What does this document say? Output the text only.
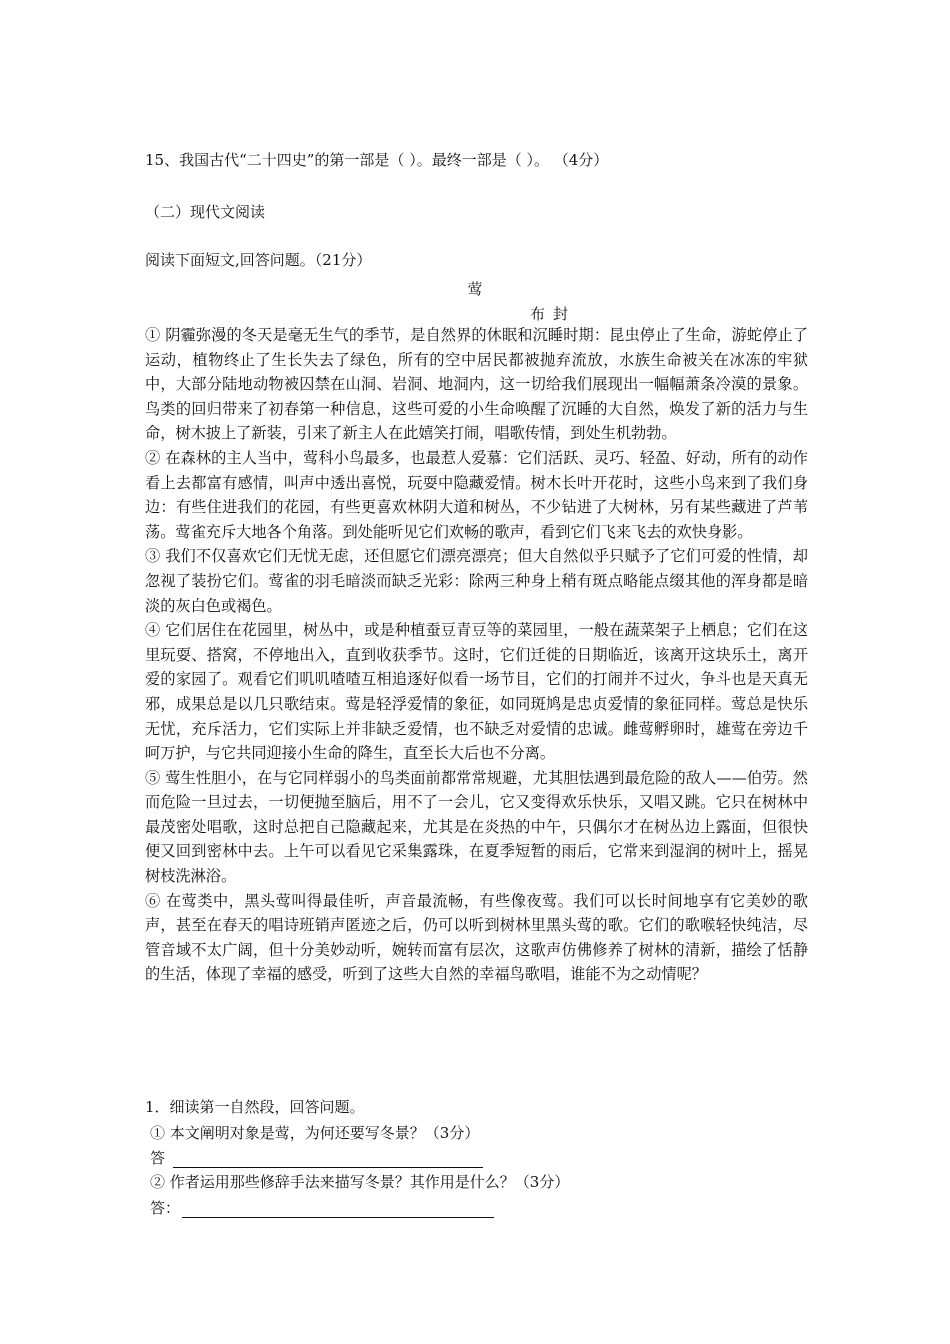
15、我国古代“二十四史”的第一部是（ ）。最终一部是（ ）。 （4分）
（二）现代文阅读
阅读下面短文,回答问题。（21分）
莺
布封

① 阴霾弥漫的冬天是毫无生气的季节，是自然界的休眠和沉睡时期：昆虫停止了生命，游蛇停止了运动，植物终止了生长失去了绿色，所有的空中居民都被抛弃流放，水族生命被关在冰冻的牢狱中，大部分陆地动物被囚禁在山洞、岩洞、地洞内，这一切给我们展现出一幅幅萧条冷漠的景象。鸟类的回归带来了初春第一种信息，这些可爱的小生命唤醒了沉睡的大自然，焕发了新的活力与生命，树木披上了新装，引来了新主人在此嬉笑打闹，唱歌传情，到处生机勃勃。

② 在森林的主人当中，莺科小鸟最多，也最惹人爱慕：它们活跃、灵巧、轻盈、好动，所有的动作看上去都富有感情，叫声中透出喜悦，玩耍中隐藏爱情。树木长叶开花时，这些小鸟来到了我们身边：有些住进我们的花园，有些更喜欢林阴大道和树丛，不少钻进了大树林，另有某些藏进了芦苇荡。莺雀充斥大地各个角落。到处能听见它们欢畅的歌声，看到它们飞来飞去的欢快身影。

③ 我们不仅喜欢它们无忧无虑，还但愿它们漂亮漂亮；但大自然似乎只赋予了它们可爱的性情，却忽视了装扮它们。莺雀的羽毛暗淡而缺乏光彩：除两三种身上稍有斑点略能点缀其他的浑身都是暗淡的灰白色或褐色。

④ 它们居住在花园里，树丛中，或是种植蚕豆青豆等的菜园里，一般在蔬菜架子上栖息；它们在这里玩耍、搭窝，不停地出入，直到收获季节。这时，它们迁徙的日期临近，该离开这块乐土，离开爱的家园了。观看它们叽叽喳喳互相追逐好似看一场节目，它们的打闹并不过火，争斗也是天真无邪，成果总是以几只歌结束。莺是轻浮爱情的象征，如同斑鸠是忠贞爱情的象征同样。莺总是快乐无忧，充斥活力，它们实际上并非缺乏爱情，也不缺乏对爱情的忠诚。雌莺孵卵时，雄莺在旁边千呵万护，与它共同迎接小生命的降生，直至长大后也不分离。

⑤ 莺生性胆小，在与它同样弱小的鸟类面前都常常规避，尤其胆怯遇到最危险的敌人——伯劳。然而危险一旦过去，一切便抛至脑后，用不了一会儿，它又变得欢乐快乐，又唱又跳。它只在树林中最茂密处唱歌，这时总把自己隐藏起来，尤其是在炎热的中午，只偶尔才在树丛边上露面，但很快便又回到密林中去。上午可以看见它采集露珠，在夏季短暂的雨后，它常来到湿润的树叶上，摇晃树枝洗淋浴。

⑥ 在莺类中，黑头莺叫得最佳听，声音最流畅，有些像夜莺。我们可以长时间地享有它美妙的歌声，甚至在春天的唱诗班销声匿迹之后，仍可以听到树林里黑头莺的歌。它们的歌喉轻快纯洁，尽管音域不太广阔，但十分美妙动听，婉转而富有层次，这歌声仿佛修养了树林的清新，描绘了恬静的生活，体现了幸福的感受，听到了这些大自然的幸福鸟歌唱，谁能不为之动情呢？

1．细读第一自然段，回答问题。
① 本文阐明对象是莺，为何还要写冬景？（3分）
答
② 作者运用那些修辞手法来描写冬景？其作用是什么？（3分）
答：
